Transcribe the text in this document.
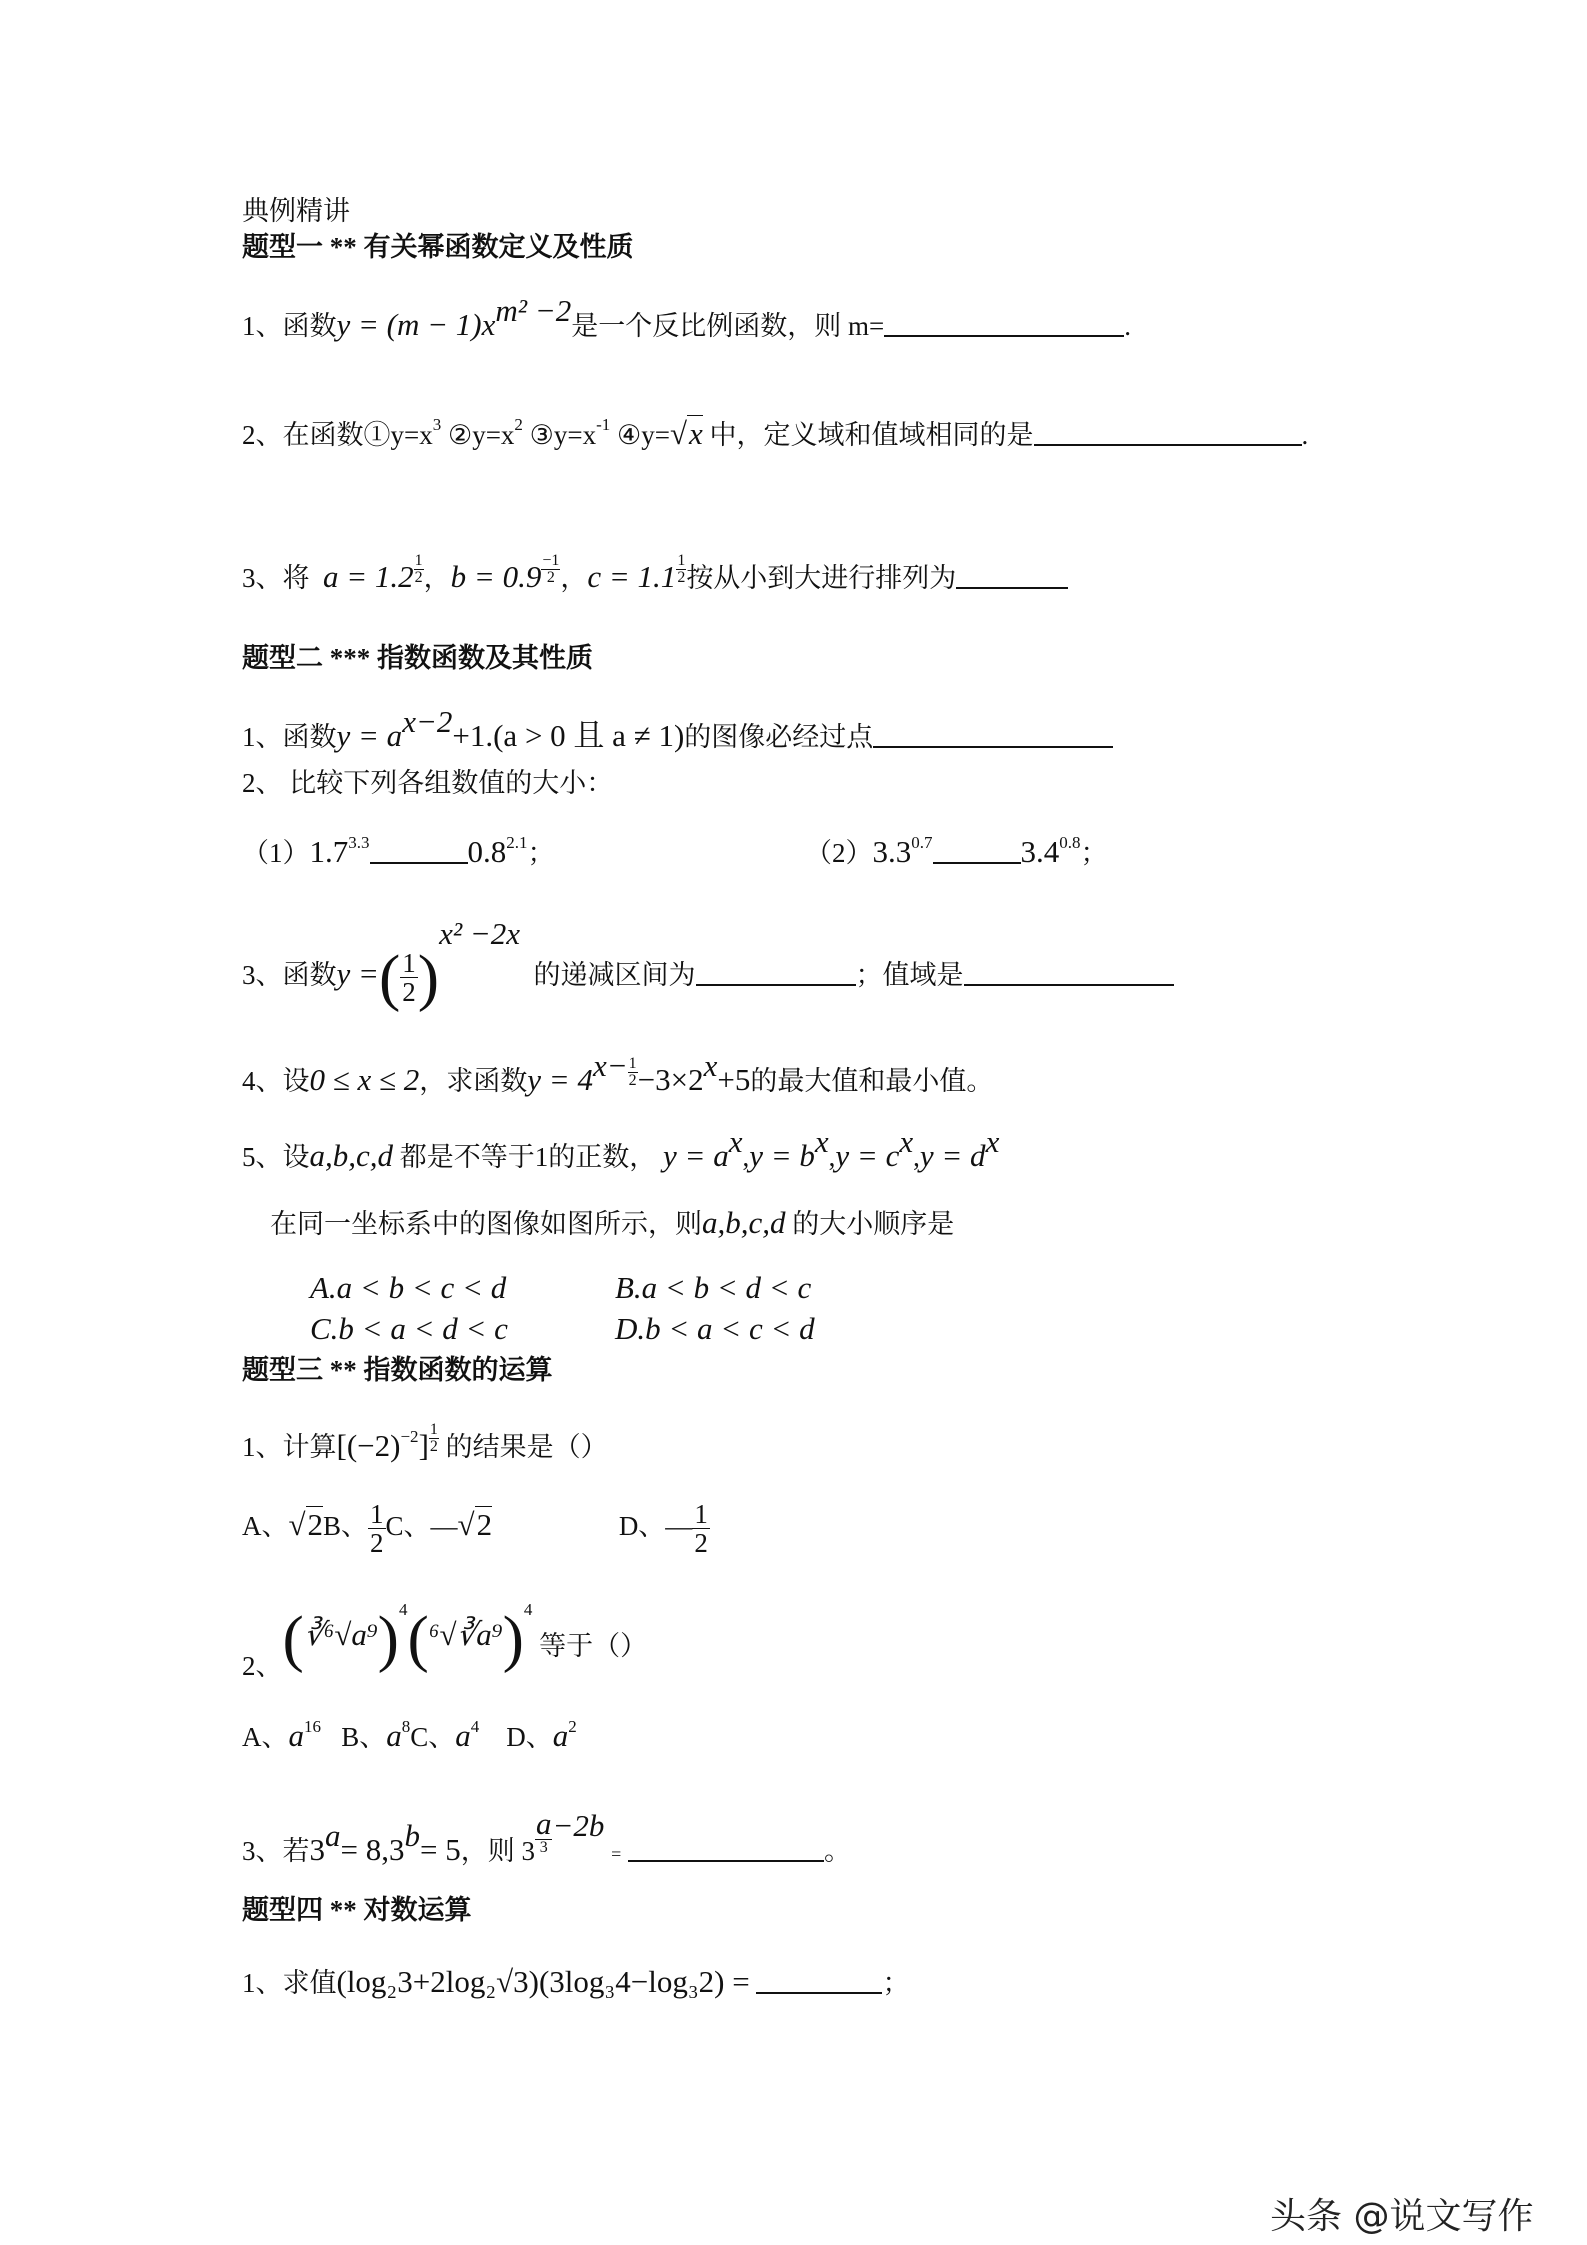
典例精讲
题型一 ** 有关幂函数定义及性质
1、函数$y = (m - 1)x^{m^2 -2}$是一个反比例函数，则 m=	.
2、在函数$①y=x^3$ $②y=x^2$ $③y=x^{-1}$ ④y=√x 中，定义域和值域相同的是	.
3、将 $a = 1.2 \frac{1}{2}$ ，$b = 0.9 \frac{-1}{2}$ ，$c = 1.1 \frac{1}{2}$ 按从小到大进行排列为
题型二 *** 指数函数及其性质
1、函数$y = a^{x-2}+1.(a > 0$ 且 a ≠ 1)的图像必经过点
2、 比较下列各组数值的大小：
$(1)1.7^{3.3}$	$0.8^{2.1}$；	$(2)3.3^{0.7}$	$3.4^{0.8}$；
3、函数y =( $\frac{1}{2} )^{x^2 -2x}$  的递减区间为	；值域是
4、设0 ≤ x ≤ 2，求函数$y = 4^{x-} \frac{1}{2} -3\times 2^x+5$的最大值和最小值。
5、设a,b,c,d 都是不等于1的正数， $y = a^x,y = b^x,y = c^x,y = d^x$
在同一坐标系中的图像如图所示，则a,b,c,d 的大小顺序是
A.a < b < c < d	B.a < b < d < c
C.b < a < d < c	D.b < a < c < d
题型三 ** 指数函数的运算
1、计算$[(-2)^{-2}] \frac{1}{2}$ 的结果是（）
A、√2B、 $\frac{1}{2}$ C、—√2	D、— $\frac{1}{2}$
2、(∛⁶√a⁹)$^4$(⁶√∛a⁹)$^4$ 等于（）
A、$a^{16}$ B、$a^8C$、$a^4$ D、$a^2$
3、若$3^a= 8,3^b= 5$，则 3
a
3
$^{-2b}$ =	。
题型四 ** 对数运算
1、求值(log₂3+2log₂√3)(3log₃4−log₃2) =	；
头条 @说文写作
